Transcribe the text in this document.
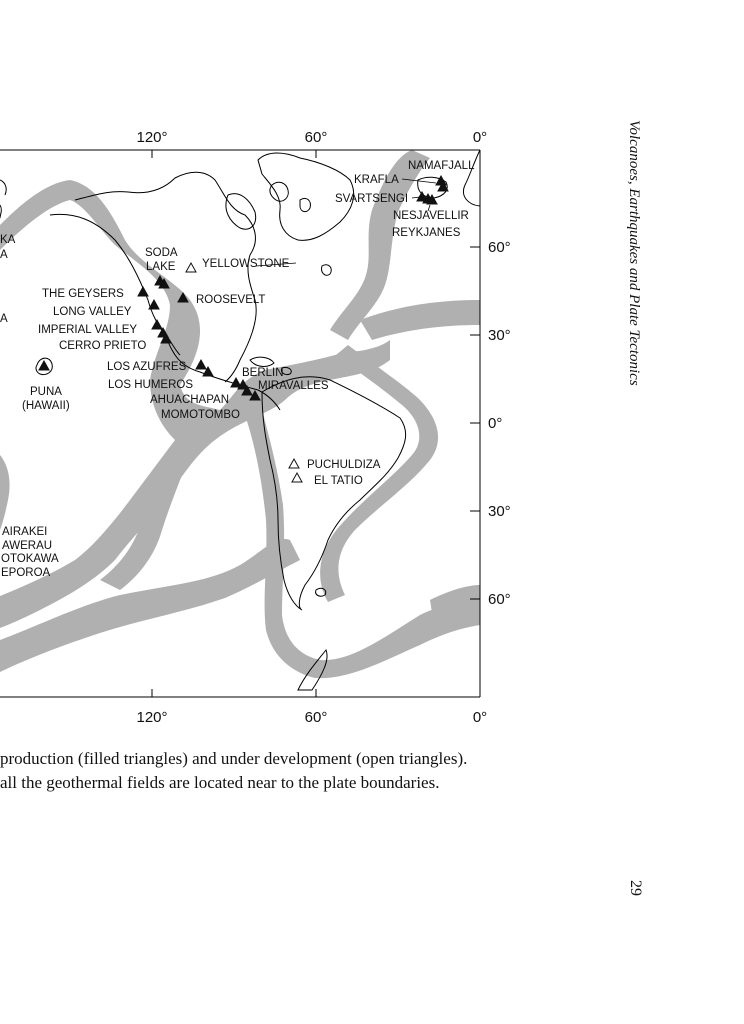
120°
120°
60°
60°
0°
0°
60°
30°
0°
30°
60°
NAMAFJALL
KRAFLA
SVARTSENGI
NESJAVELLIR
REYKJANES
SODA
LAKE YELLOWSTONE
THE GEYSERS	ROOSEVELT
LONG VALLEY
IMPERIAL VALLEY
CERRO PRIETO
LOS AZUFRES	BERLIN
LOS HUMEROS	MIRAVALLES
AHUACHAPAN
MOMOTOMBO
PUNA
(HAWAII)
PUCHULDIZA
EL TATIO
AIRAKEI
AWERAU
OTOKAWA
EPOROA
KA
A
A
production (filled triangles) and under development (open triangles).
all the geothermal fields are located near to the plate boundaries.
Volcanoes, Earthquakes and Plate Tectonics
29
